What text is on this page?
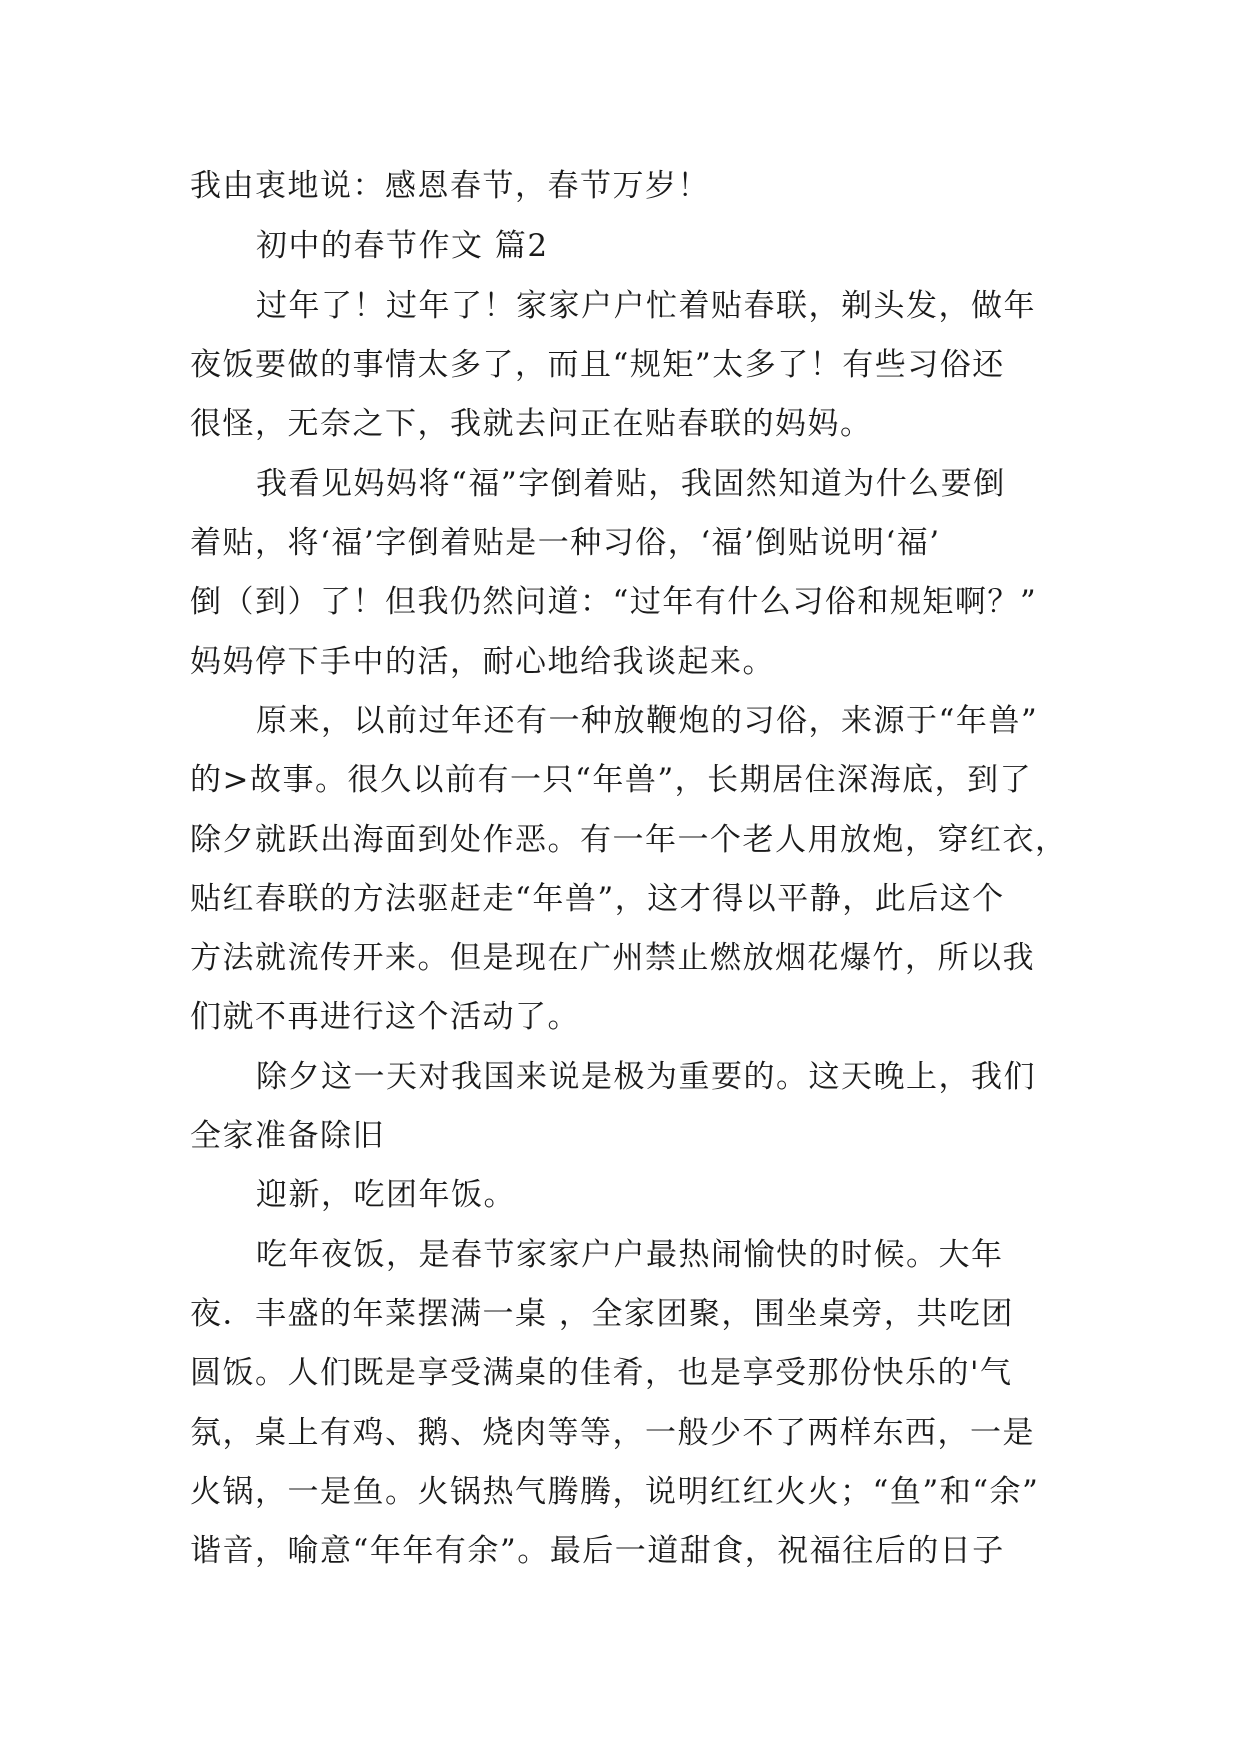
我由衷地说：感恩春节，春节万岁！
初中的春节作文 篇2
过年了！过年了！家家户户忙着贴春联，剃头发，做年
夜饭要做的事情太多了，而且“规矩”太多了！有些习俗还
很怪，无奈之下，我就去问正在贴春联的妈妈。
我看见妈妈将“福”字倒着贴，我固然知道为什么要倒
着贴，将‘福’字倒着贴是一种习俗，‘福’倒贴说明‘福’
倒（到）了！但我仍然问道：“过年有什么习俗和规矩啊？”
妈妈停下手中的活，耐心地给我谈起来。
原来，以前过年还有一种放鞭炮的习俗，来源于“年兽”
的>故事。很久以前有一只“年兽”，长期居住深海底，到了
除夕就跃出海面到处作恶。有一年一个老人用放炮，穿红衣，
贴红春联的方法驱赶走“年兽”，这才得以平静，此后这个
方法就流传开来。但是现在广州禁止燃放烟花爆竹，所以我
们就不再进行这个活动了。
除夕这一天对我国来说是极为重要的。这天晚上，我们
全家准备除旧
迎新，吃团年饭。
吃年夜饭，是春节家家户户最热闹愉快的时候。大年
夜．丰盛的年菜摆满一桌 ，全家团聚，围坐桌旁，共吃团
圆饭。人们既是享受满桌的佳肴，也是享受那份快乐的'气
氛，桌上有鸡、鹅、烧肉等等，一般少不了两样东西，一是
火锅，一是鱼。火锅热气腾腾，说明红红火火；“鱼”和“余”
谐音，喻意“年年有余”。最后一道甜食，祝福往后的日子
